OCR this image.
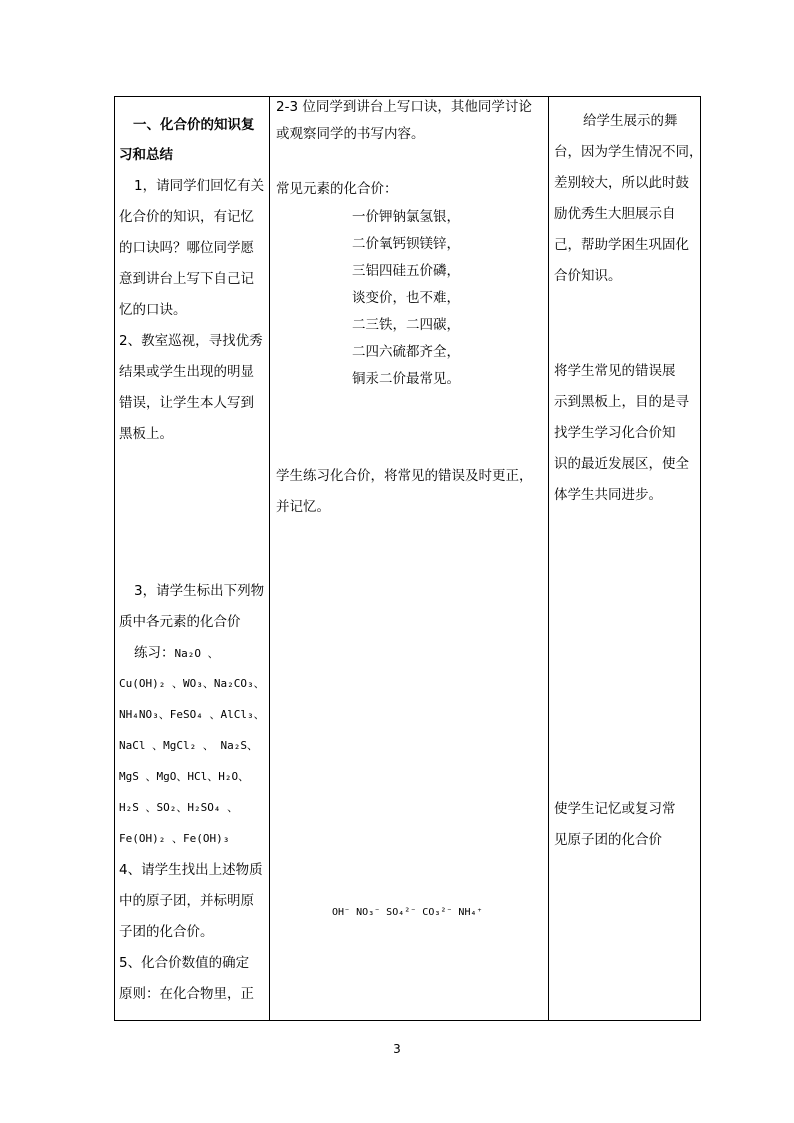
一、化合价的知识复
习和总结
1，请同学们回忆有关
化合价的知识，有记忆
的口诀吗？哪位同学愿
意到讲台上写下自己记
忆的口诀。
2、教室巡视，寻找优秀
结果或学生出现的明显
错误，让学生本人写到
黑板上。
3，请学生标出下列物
质中各元素的化合价
练习：Na₂O 、
Cu(OH)₂ 、WO₃、Na₂CO₃、
NH₄NO₃、FeSO₄ 、AlCl₃、
NaCl 、MgCl₂ 、 Na₂S、
MgS 、MgO、HCl、H₂O、
H₂S 、SO₂、H₂SO₄ 、
Fe(OH)₂ 、Fe(OH)₃
4、请学生找出上述物质
中的原子团，并标明原
子团的化合价。
5、化合价数值的确定
原则：在化合物里，正
2-3 位同学到讲台上写口诀，其他同学讨论
或观察同学的书写内容。
常见元素的化合价：
一价钾钠氯氢银，
二价氧钙钡镁锌，
三铝四硅五价磷，
谈变价，也不难，
二三铁，二四碳，
二四六硫都齐全，
铜汞二价最常见。
学生练习化合价，将常见的错误及时更正，
并记忆。
OH⁻ NO₃⁻ SO₄²⁻ CO₃²⁻ NH₄⁺
给学生展示的舞
台，因为学生情况不同，
差别较大，所以此时鼓
励优秀生大胆展示自
己，帮助学困生巩固化
合价知识。
将学生常见的错误展
示到黑板上，目的是寻
找学生学习化合价知
识的最近发展区，使全
体学生共同进步。
使学生记忆或复习常
见原子团的化合价
3
